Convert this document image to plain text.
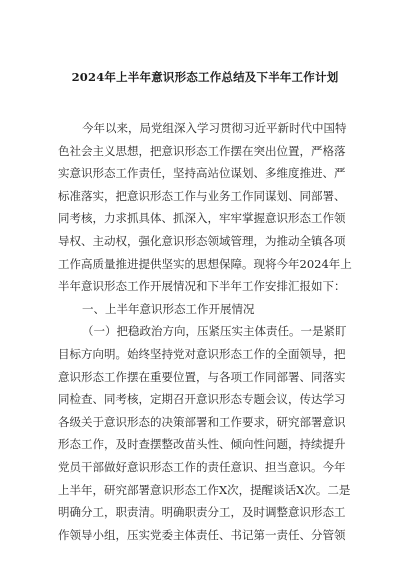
2024年上半年意识形态工作总结及下半年工作计划
今年以来，局党组深入学习贯彻习近平新时代中国特
色社会主义思想，把意识形态工作摆在突出位置，严格落
实意识形态工作责任，坚持高站位谋划、多维度推进、严
标准落实，把意识形态工作与业务工作同谋划、同部署、
同考核，力求抓具体、抓深入，牢牢掌握意识形态工作领
导权、主动权，强化意识形态领域管理，为推动全镇各项
工作高质量推进提供坚实的思想保障。现将今年2024年上
半年意识形态工作开展情况和下半年工作安排汇报如下：
一、上半年意识形态工作开展情况
（一）把稳政治方向，压紧压实主体责任。一是紧盯
目标方向明。始终坚持党对意识形态工作的全面领导，把
意识形态工作摆在重要位置，与各项工作同部署、同落实
同检查、同考核，定期召开意识形态专题会议，传达学习
各级关于意识形态的决策部署和工作要求，研究部署意识
形态工作，及时查摆整改苗头性、倾向性问题，持续提升
党员干部做好意识形态工作的责任意识、担当意识。今年
上半年，研究部署意识形态工作X次，提醒谈话X次。二是
明确分工，职责清。明确职责分工，及时调整意识形态工
作领导小组，压实党委主体责任、书记第一责任、分管领
